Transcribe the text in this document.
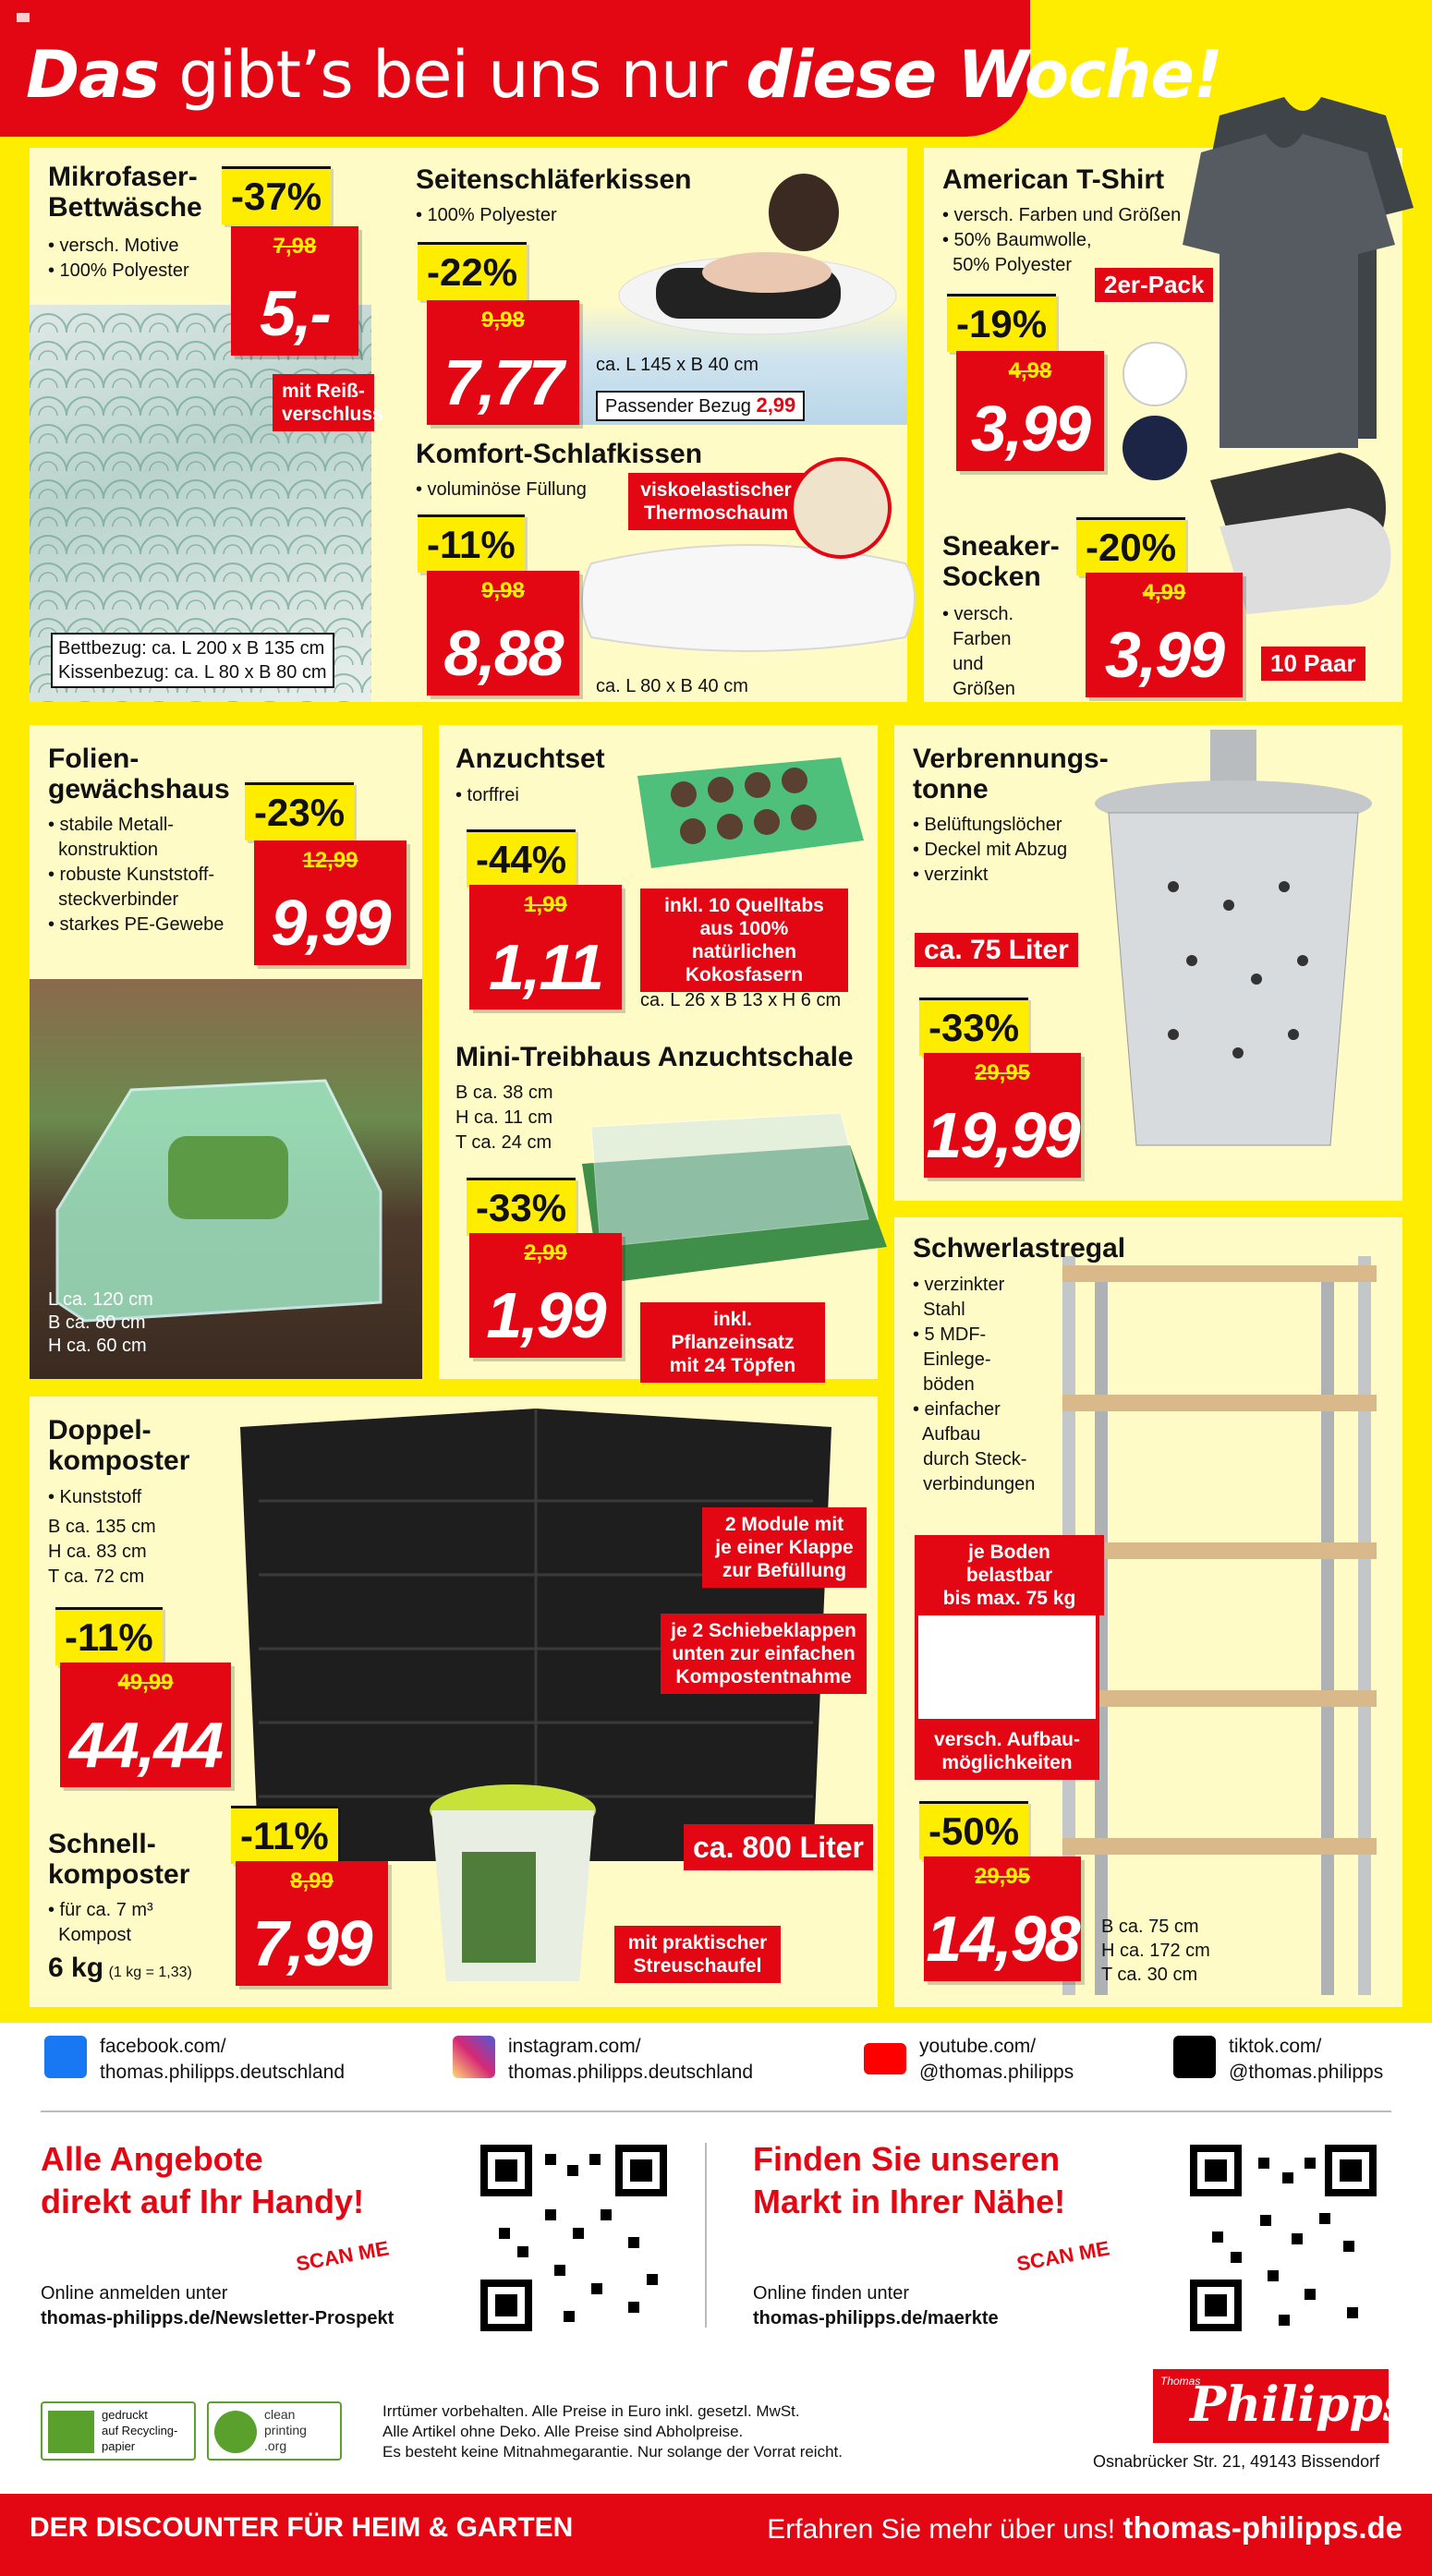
Das gibt’s bei uns nur diese Woche!
Mikrofaser-
Bettwäsche
• versch. Motive
• 100% Polyester
-37%
7,98
5,-
mit Reiß-
verschluss
Bettbezug: ca. L 200 x B 135 cm
Kissenbezug: ca. L 80 x B 80 cm
Seitenschläferkissen
• 100% Polyester
-22%
9,98
7,77	ca. L 145 x B 40 cm
Passender Bezug 2,99
Komfort-Schlafkissen
• voluminöse Füllung	viskoelastischer
Thermoschaum
-11%
9,98
8,88	ca. L 80 x B 40 cm
American T-Shirt
• versch. Farben und Größen
• 50% Baumwolle,
50% Polyester
2er-Pack
-19%
4,98
3,99
Sneaker-
Socken
• versch.
Farben
und
Größen
-20%
4,99
3,99	10 Paar
Folien-
gewächshaus
• stabile Metall-
konstruktion
• robuste Kunststoff-
steckverbinder
• starkes PE-Gewebe
-23%
12,99
9,99
L ca. 120 cm
B ca. 80 cm
H ca. 60 cm
Anzuchtset
• torffrei
-44%
1,99
1,11
inkl. 10 Quelltabs
aus 100% natürlichen
Kokosfasern
ca. L 26 x B 13 x H 6 cm
Mini-Treibhaus Anzuchtschale
B ca. 38 cm
H ca. 11 cm
T ca. 24 cm
-33%
2,99
1,99	inkl. Pflanzeinsatz
mit 24 Töpfen
Verbrennungs-
tonne
• Belüftungslöcher
• Deckel mit Abzug
• verzinkt
ca. 75 Liter
-33%
29,95
19,99
Schwerlastregal
• verzinkter
Stahl
• 5 MDF-
Einlege-
böden
• einfacher
Aufbau
durch Steck-
verbindungen
je Boden belastbar
bis max. 75 kg
versch. Aufbau-
möglichkeiten
-50%
29,95
14,98 B ca. 75 cm
H ca. 172 cm
T ca. 30 cm
Doppel-
komposter
• Kunststoff
B ca. 135 cm
H ca. 83 cm
T ca. 72 cm
-11%
49,99
44,44
2 Module mit
je einer Klappe
zur Befüllung
je 2 Schiebeklappen
unten zur einfachen
Kompostentnahme
ca. 800 Liter
Schnell-
komposter
• für ca. 7 m³
Kompost
6 kg (1 kg = 1,33)
-11%
8,99
7,99	mit praktischer
Streuschaufel
facebook.com/
thomas.philipps.deutschland
instagram.com/
thomas.philipps.deutschland
youtube.com/
@thomas.philipps
tiktok.com/
@thomas.philipps
Alle Angebote
direkt auf Ihr Handy!
SCAN ME
Online anmelden unter
thomas-philipps.de/Newsletter-Prospekt
Finden Sie unseren
Markt in Ihrer Nähe!
SCAN ME
Online finden unter
thomas-philipps.de/maerkte
gedruckt
auf Recycling-
papier
clean
printing
.org
Irrtümer vorbehalten. Alle Preise in Euro inkl. gesetzl. MwSt.
Alle Artikel ohne Deko. Alle Preise sind Abholpreise.
Es besteht keine Mitnahmegarantie. Nur solange der Vorrat reicht.
Thomas
Philipps
Osnabrücker Str. 21, 49143 Bissendorf
DER DISCOUNTER FÜR HEIM & GARTEN	Erfahren Sie mehr über uns! thomas-philipps.de
